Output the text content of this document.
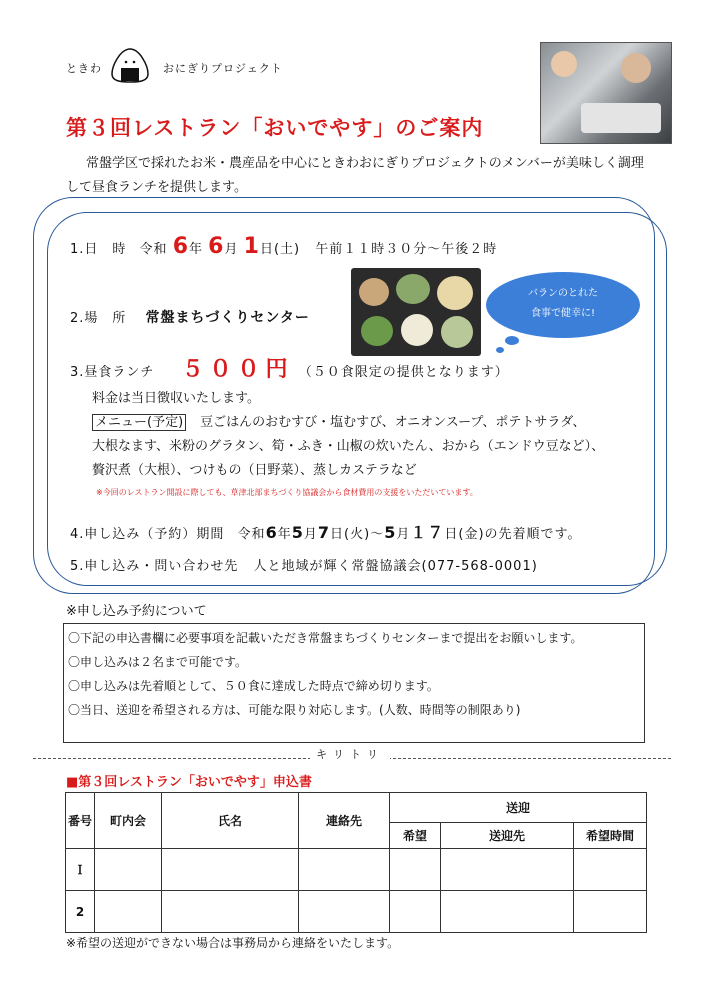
ときわ	おにぎりプロジェクト
第３回レストラン「おいでやす」のご案内
常盤学区で採れたお米・農産品を中心にときわおにぎりプロジェクトのメンバーが美味しく調理して昼食ランチを提供します。
1.日　時 令和 6年 6月 1日(土) 午前１１時３０分〜午後２時
2.場　所 常盤まちづくりセンター
バランのとれた
食事で健幸に!
3.昼食ランチ ５００円 （５０食限定の提供となります）
料金は当日徴収いたします。
メニュー(予定) 豆ごはんのおむすび・塩むすび、オニオンスープ、ポテトサラダ、
大根なます、米粉のグラタン、筍・ふき・山椒の炊いたん、おから（エンドウ豆など）、
贅沢煮（大根）、つけもの（日野菜）、蒸しカステラなど
※今回のレストラン開設に際しても、草津北部まちづくり協議会から食材費用の支援をいただいています。
4.申し込み（予約）期間 令和6年5月7日(火)〜5月１７日(金)の先着順です。
5.申し込み・問い合わせ先 人と地域が輝く常盤協議会(077-568-0001)
※申し込み予約について
〇下記の申込書欄に必要事項を記載いただき常盤まちづくりセンターまで提出をお願いします。
〇申し込みは２名まで可能です。
〇申し込みは先着順として、５０食に達成した時点で締め切ります。
〇当日、送迎を希望される方は、可能な限り対応します。(人数、時間等の制限あり)
キリトリ
■第３回レストラン「おいでやす」申込書
番号	町内会	氏名	連絡先	送迎		
				希望	送迎先	希望時間
Ｉ						
2						
※希望の送迎ができない場合は事務局から連絡をいたします。
